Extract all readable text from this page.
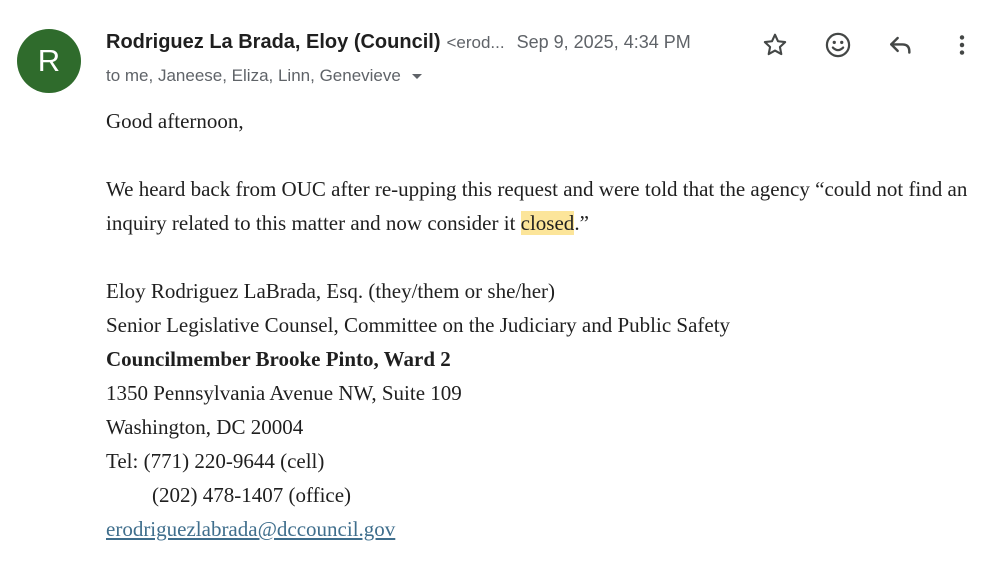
R
Rodriguez La Brada, Eloy (Council) <erod... Sep 9, 2025, 4:34 PM
to me, Janeese, Eliza, Linn, Genevieve

Good afternoon,

We heard back from OUC after re-upping this request and were told that the agency “could not find an inquiry related to this matter and now consider it closed.”

Eloy Rodriguez LaBrada, Esq. (they/them or she/her)

Senior Legislative Counsel, Committee on the Judiciary and Public Safety

Councilmember Brooke Pinto, Ward 2

1350 Pennsylvania Avenue NW, Suite 109

Washington, DC 20004

Tel: (771) 220-9644 (cell)

(202) 478-1407 (office)

erodriguezlabrada@dccouncil.gov
